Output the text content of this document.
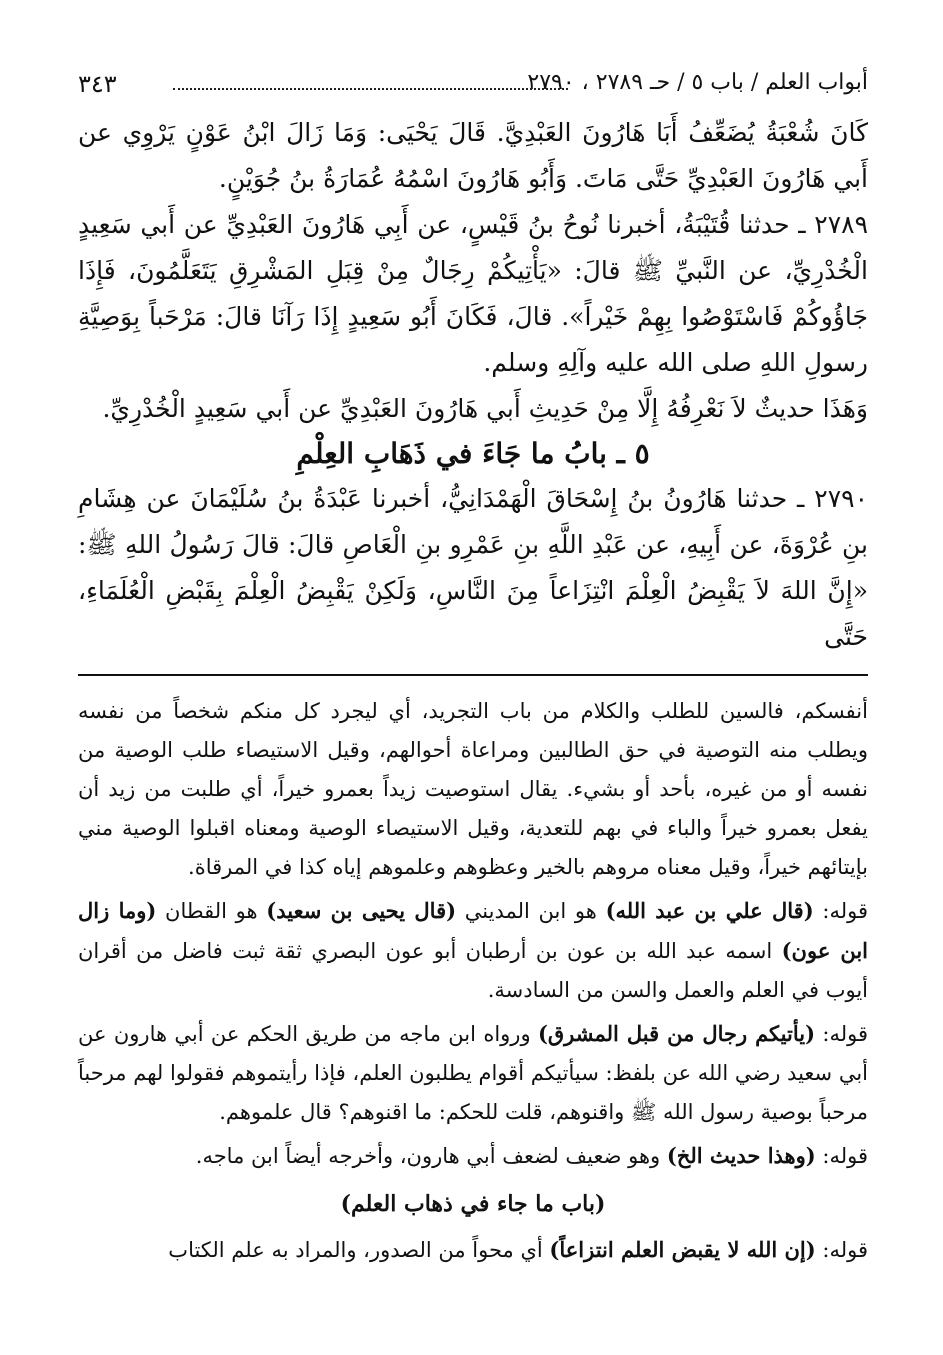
أبواب العلم / باب ٥ / حـ ٢٧٨٩ ، ٢٧٩٠
٣٤٣

كَانَ شُعْبَةُ يُضَعِّفُ أَبَا هَارُونَ العَبْدِيَّ. قَالَ يَحْيَى: وَمَا زَالَ ابْنُ عَوْنٍ يَرْوِي عن أَبي هَارُونَ العَبْدِيِّ حَتَّى مَاتَ. وَأَبُو هَارُونَ اسْمُهُ عُمَارَةُ بنُ جُوَيْنٍ.

٢٧٨٩ ـ حدثنا قُتَيْبَةُ، أخبرنا نُوحُ بنُ قَيْسٍ، عن أَبِي هَارُونَ العَبْدِيِّ عن أَبي سَعِيدٍ الْخُدْرِيِّ، عن النَّبيِّ ﷺ قالَ: «يَأْتِيكُمْ رِجَالٌ مِنْ قِبَلِ المَشْرِقِ يَتَعَلَّمُونَ، فَإِذَا جَاؤُوكُمْ فَاسْتَوْصُوا بِهِمْ خَيْراً». قالَ، فَكَانَ أَبُو سَعِيدٍ إِذَا رَآنَا قالَ: مَرْحَباً بِوَصِيَّةِ رسولِ اللهِ صلى الله عليه وآلِهِ وسلم.

وَهَذَا حديثٌ لاَ نَعْرِفُهُ إِلَّا مِنْ حَدِيثِ أَبي هَارُونَ العَبْدِيِّ عن أَبي سَعِيدٍ الْخُدْرِيِّ.

٥ ـ بابُ ما جَاءَ في ذَهَابِ العِلْمِ

٢٧٩٠ ـ حدثنا هَارُونُ بنُ إِسْحَاقَ الْهَمْدَانِيُّ، أخبرنا عَبْدَةُ بنُ سُلَيْمَانَ عن هِشَامِ بنِ عُرْوَةَ، عن أَبِيهِ، عن عَبْدِ اللَّهِ بنِ عَمْرِو بنِ الْعَاصِ قالَ: قالَ رَسُولُ اللهِ ﷺ: «إِنَّ اللهَ لاَ يَقْبِضُ الْعِلْمَ انْتِزَاعاً مِنَ النَّاسِ، وَلَكِنْ يَقْبِضُ الْعِلْمَ بِقَبْضِ الْعُلَمَاءِ، حَتَّى

أنفسكم، فالسين للطلب والكلام من باب التجريد، أي ليجرد كل منكم شخصاً من نفسه ويطلب منه التوصية في حق الطالبين ومراعاة أحوالهم، وقيل الاستيصاء طلب الوصية من نفسه أو من غيره، بأحد أو بشيء. يقال استوصيت زيداً بعمرو خيراً، أي طلبت من زيد أن يفعل بعمرو خيراً والباء في بهم للتعدية، وقيل الاستيصاء الوصية ومعناه اقبلوا الوصية مني بإيتائهم خيراً، وقيل معناه مروهم بالخير وعظوهم وعلموهم إياه كذا في المرقاة.

قوله: (قال علي بن عبد الله) هو ابن المديني (قال يحيى بن سعيد) هو القطان (وما زال ابن عون) اسمه عبد الله بن عون بن أرطبان أبو عون البصري ثقة ثبت فاضل من أقران أيوب في العلم والعمل والسن من السادسة.

قوله: (يأتيكم رجال من قبل المشرق) ورواه ابن ماجه من طريق الحكم عن أبي هارون عن أبي سعيد رضي الله عن بلفظ: سيأتيكم أقوام يطلبون العلم، فإذا رأيتموهم فقولوا لهم مرحباً مرحباً بوصية رسول الله ﷺ واقنوهم، قلت للحكم: ما اقنوهم؟ قال علموهم.

قوله: (وهذا حديث الخ) وهو ضعيف لضعف أبي هارون، وأخرجه أيضاً ابن ماجه.

(باب ما جاء في ذهاب العلم)

قوله: (إن الله لا يقبض العلم انتزاعاً) أي محواً من الصدور، والمراد به علم الكتاب
